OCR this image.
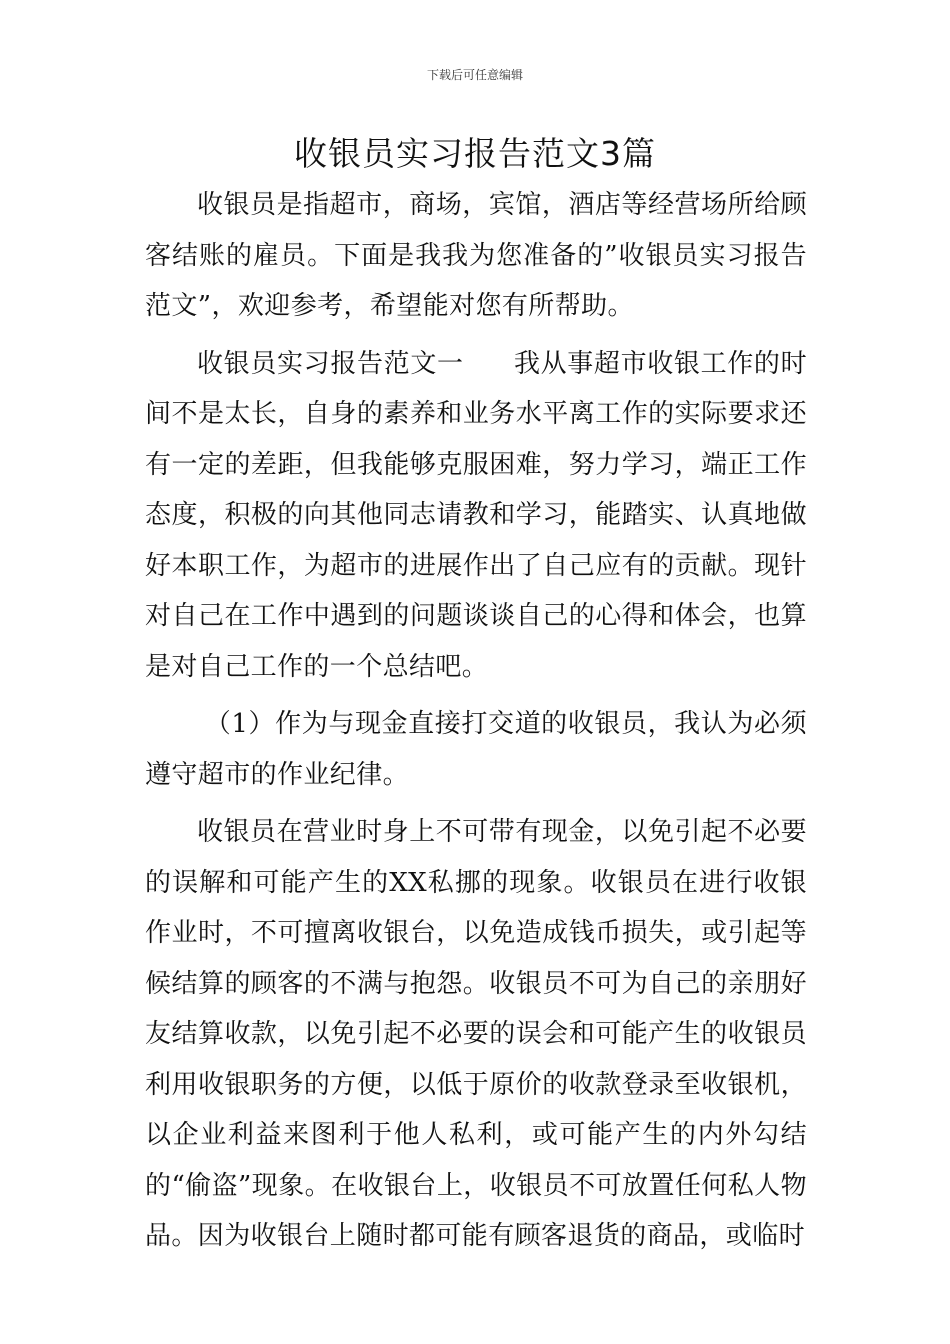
下载后可任意编辑
收银员实习报告范文3篇

收银员是指超市，商场，宾馆，酒店等经营场所给顾客结账的雇员。下面是我我为您准备的”收银员实习报告范文”，欢迎参考，希望能对您有所帮助。

收银员实习报告范文一 我从事超市收银工作的时间不是太长，自身的素养和业务水平离工作的实际要求还有一定的差距，但我能够克服困难，努力学习，端正工作态度，积极的向其他同志请教和学习，能踏实、认真地做好本职工作，为超市的进展作出了自己应有的贡献。现针对自己在工作中遇到的问题谈谈自己的心得和体会，也算是对自己工作的一个总结吧。

（1）作为与现金直接打交道的收银员，我认为必须遵守超市的作业纪律。

收银员在营业时身上不可带有现金，以免引起不必要的误解和可能产生的XX私挪的现象。收银员在进行收银作业时，不可擅离收银台，以免造成钱币损失，或引起等候结算的顾客的不满与抱怨。收银员不可为自己的亲朋好友结算收款，以免引起不必要的误会和可能产生的收银员利用收银职务的方便，以低于原价的收款登录至收银机，以企业利益来图利于他人私利，或可能产生的内外勾结的“偷盗”现象。在收银台上，收银员不可放置任何私人物品。因为收银台上随时都可能有顾客退货的商品，或临时
